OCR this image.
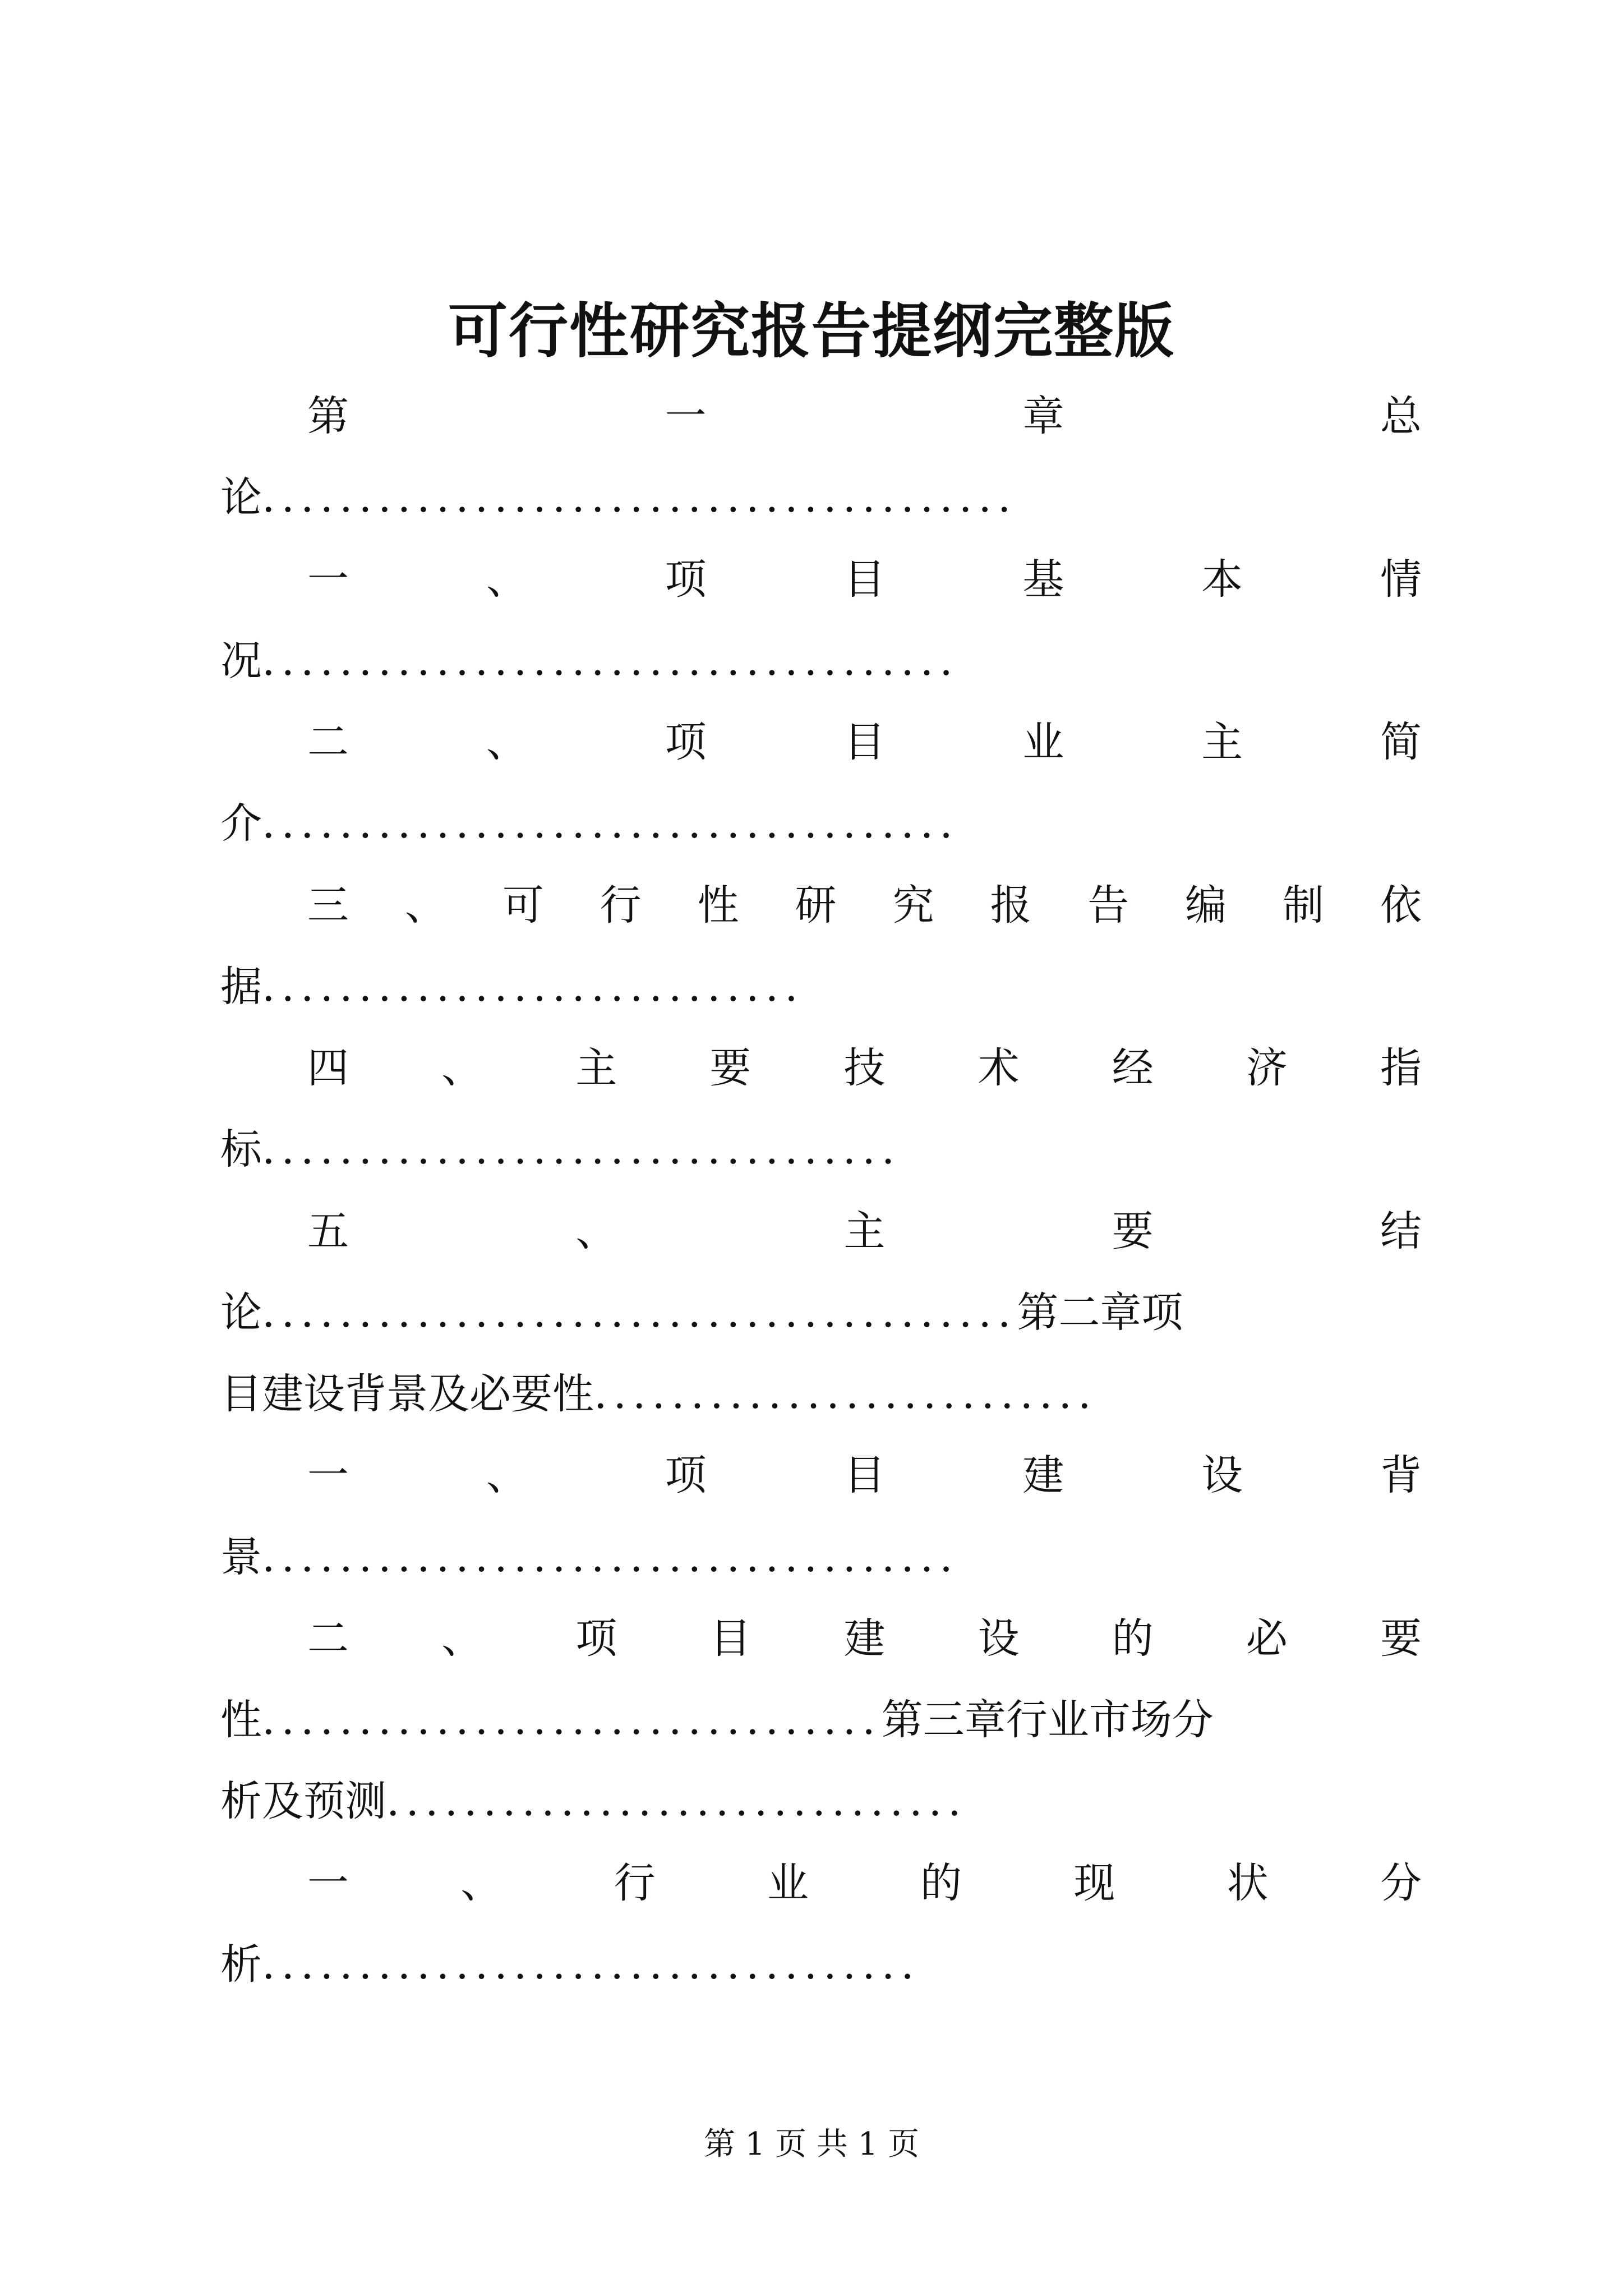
可行性研究报告提纲完整版
第	一	章	总
论.......................................
一	、	项	目	基	本	情
况....................................
二	、	项	目	业	主	简
介....................................
三 、 可 行 性 研 究 报 告 编 制 依
据............................
四 、 主 要 技 术 经 济 指
标.................................
五	、	主	要	结
论.......................................第二章项
目建设背景及必要性..........................
一	、	项	目	建	设	背
景....................................
二 、 项 目 建 设 的 必 要
性................................第三章行业市场分
析及预测..............................
一	、	行	业	的	现	状	分
析..................................
第 1 页 共 1 页
